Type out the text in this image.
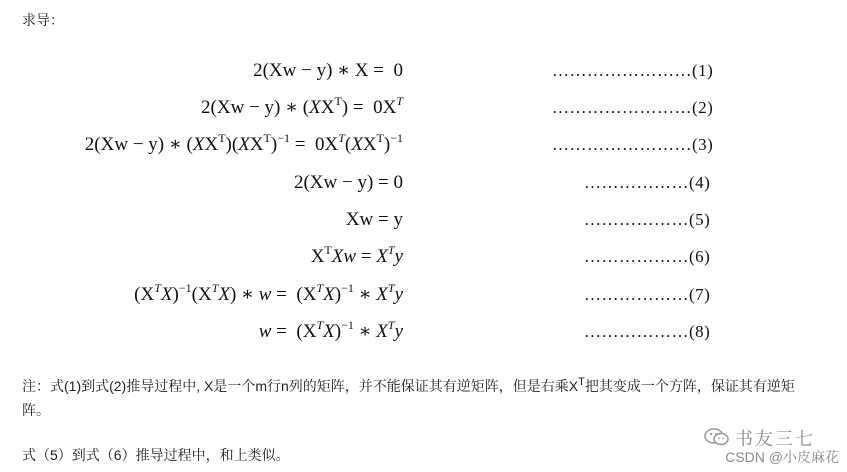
求导：
2(Xw − y) ∗ X =  0
2(Xw − y) ∗ $(XX^T) = 0X^T$
2(Xw − y) ∗ $(XX^T)(XX^T)^{-1} = 0X^T(XX^T)^{-1}$
2(Xw − y) = 0
Xw = y
$X^TXw = X^Ty$
$(X^TX)^{-1}(X^TX)$ ∗ $w = (X^TX)^{-1}$ ∗ $X^Ty$
$w = (X^TX)^{-1}$ ∗ $X^Ty$
……………………(1)
……………………(2)
……………………(3)
………………(4)
………………(5)
………………(6)
………………(7)
………………(8)
注：式(1)到式(2)推导过程中, X是一个m行n列的矩阵，并不能保证其有逆矩阵，但是右乘$X^T$把其变成一个方阵，保证其有逆矩阵。
式（5）到式（6）推导过程中，和上类似。
书友三七
CSDN @小皮麻花
